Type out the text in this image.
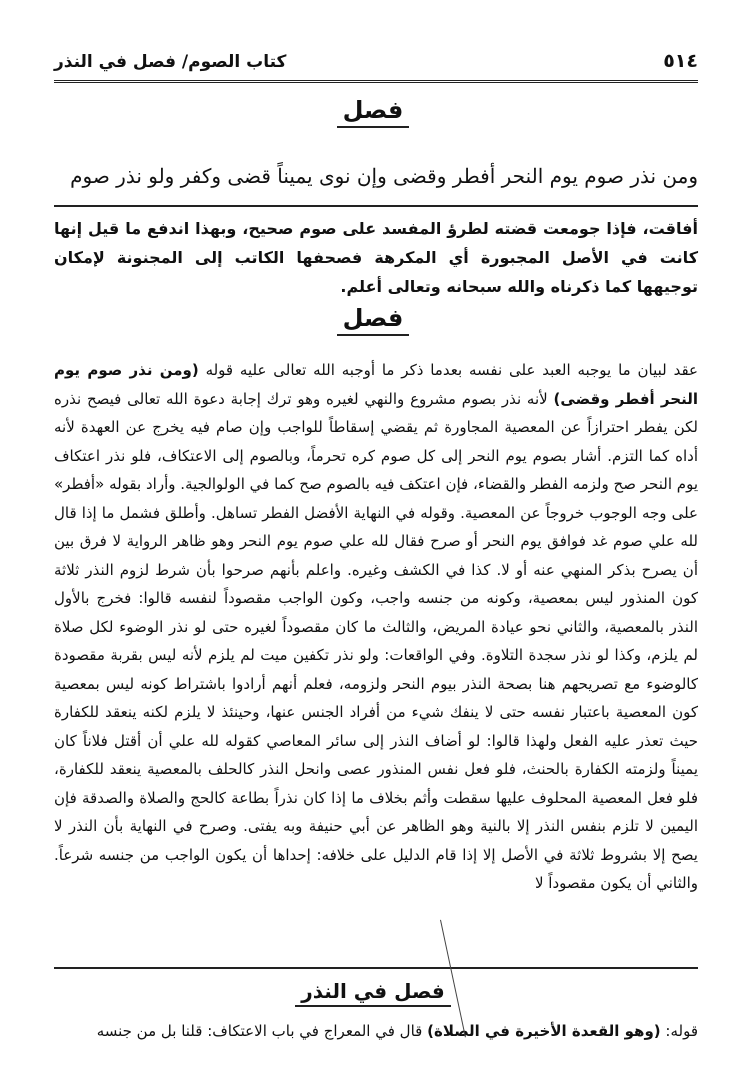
كتاب الصوم/ فصل في النذر	٥١٤
فصل
ومن نذر صوم يوم النحر أفطر وقضى وإن نوى يميناً قضى وكفر ولو نذر صوم
أفاقت، فإذا جومعت قضته لطرؤ المفسد على صوم صحيح، وبهذا اندفع ما قيل إنها كانت في الأصل المجبورة أي المكرهة فصحفها الكاتب إلى المجنونة لإمكان توجيهها كما ذكرناه والله سبحانه وتعالى أعلم.
فصل
عقد لبيان ما يوجبه العبد على نفسه بعدما ذكر ما أوجبه الله تعالى عليه قوله (ومن نذر صوم يوم النحر أفطر وقضى) لأنه نذر بصوم مشروع والنهي لغيره وهو ترك إجابة دعوة الله تعالى فيصح نذره لكن يفطر احترازاً عن المعصية المجاورة ثم يقضي إسقاطاً للواجب وإن صام فيه يخرج عن العهدة لأنه أداه كما التزم. أشار بصوم يوم النحر إلى كل صوم كره تحرماً، وبالصوم إلى الاعتكاف، فلو نذر اعتكاف يوم النحر صح ولزمه الفطر والقضاء، فإن اعتكف فيه بالصوم صح كما في الولوالجية. وأراد بقوله «أفطر» على وجه الوجوب خروجاً عن المعصية. وقوله في النهاية الأفضل الفطر تساهل. وأطلق فشمل ما إذا قال لله علي صوم غد فوافق يوم النحر أو صرح فقال لله علي صوم يوم النحر وهو ظاهر الرواية لا فرق بين أن يصرح بذكر المنهي عنه أو لا. كذا في الكشف وغيره. واعلم بأنهم صرحوا بأن شرط لزوم النذر ثلاثة كون المنذور ليس بمعصية، وكونه من جنسه واجب، وكون الواجب مقصوداً لنفسه قالوا: فخرج بالأول النذر بالمعصية، والثاني نحو عيادة المريض، والثالث ما كان مقصوداً لغيره حتى لو نذر الوضوء لكل صلاة لم يلزم، وكذا لو نذر سجدة التلاوة. وفي الواقعات: ولو نذر تكفين ميت لم يلزم لأنه ليس بقربة مقصودة كالوضوء مع تصريحهم هنا بصحة النذر بيوم النحر ولزومه، فعلم أنهم أرادوا باشتراط كونه ليس بمعصية كون المعصية باعتبار نفسه حتى لا ينفك شيء من أفراد الجنس عنها، وحينئذ لا يلزم لكنه ينعقد للكفارة حيث تعذر عليه الفعل ولهذا قالوا: لو أضاف النذر إلى سائر المعاصي كقوله لله علي أن أقتل فلاناً كان يميناً ولزمته الكفارة بالحنث، فلو فعل نفس المنذور عصى وانحل النذر كالحلف بالمعصية ينعقد للكفارة، فلو فعل المعصية المحلوف عليها سقطت وأثم بخلاف ما إذا كان نذراً بطاعة كالحج والصلاة والصدقة فإن اليمين لا تلزم بنفس النذر إلا بالنية وهو الظاهر عن أبي حنيفة وبه يفتى. وصرح في النهاية بأن النذر لا يصح إلا بشروط ثلاثة في الأصل إلا إذا قام الدليل على خلافه: إحداها أن يكون الواجب من جنسه شرعاً. والثاني أن يكون مقصوداً لا
فصل في النذر
قوله: (وهو القعدة الأخيرة في الصلاة) قال في المعراج في باب الاعتكاف: قلنا بل من جنسه
